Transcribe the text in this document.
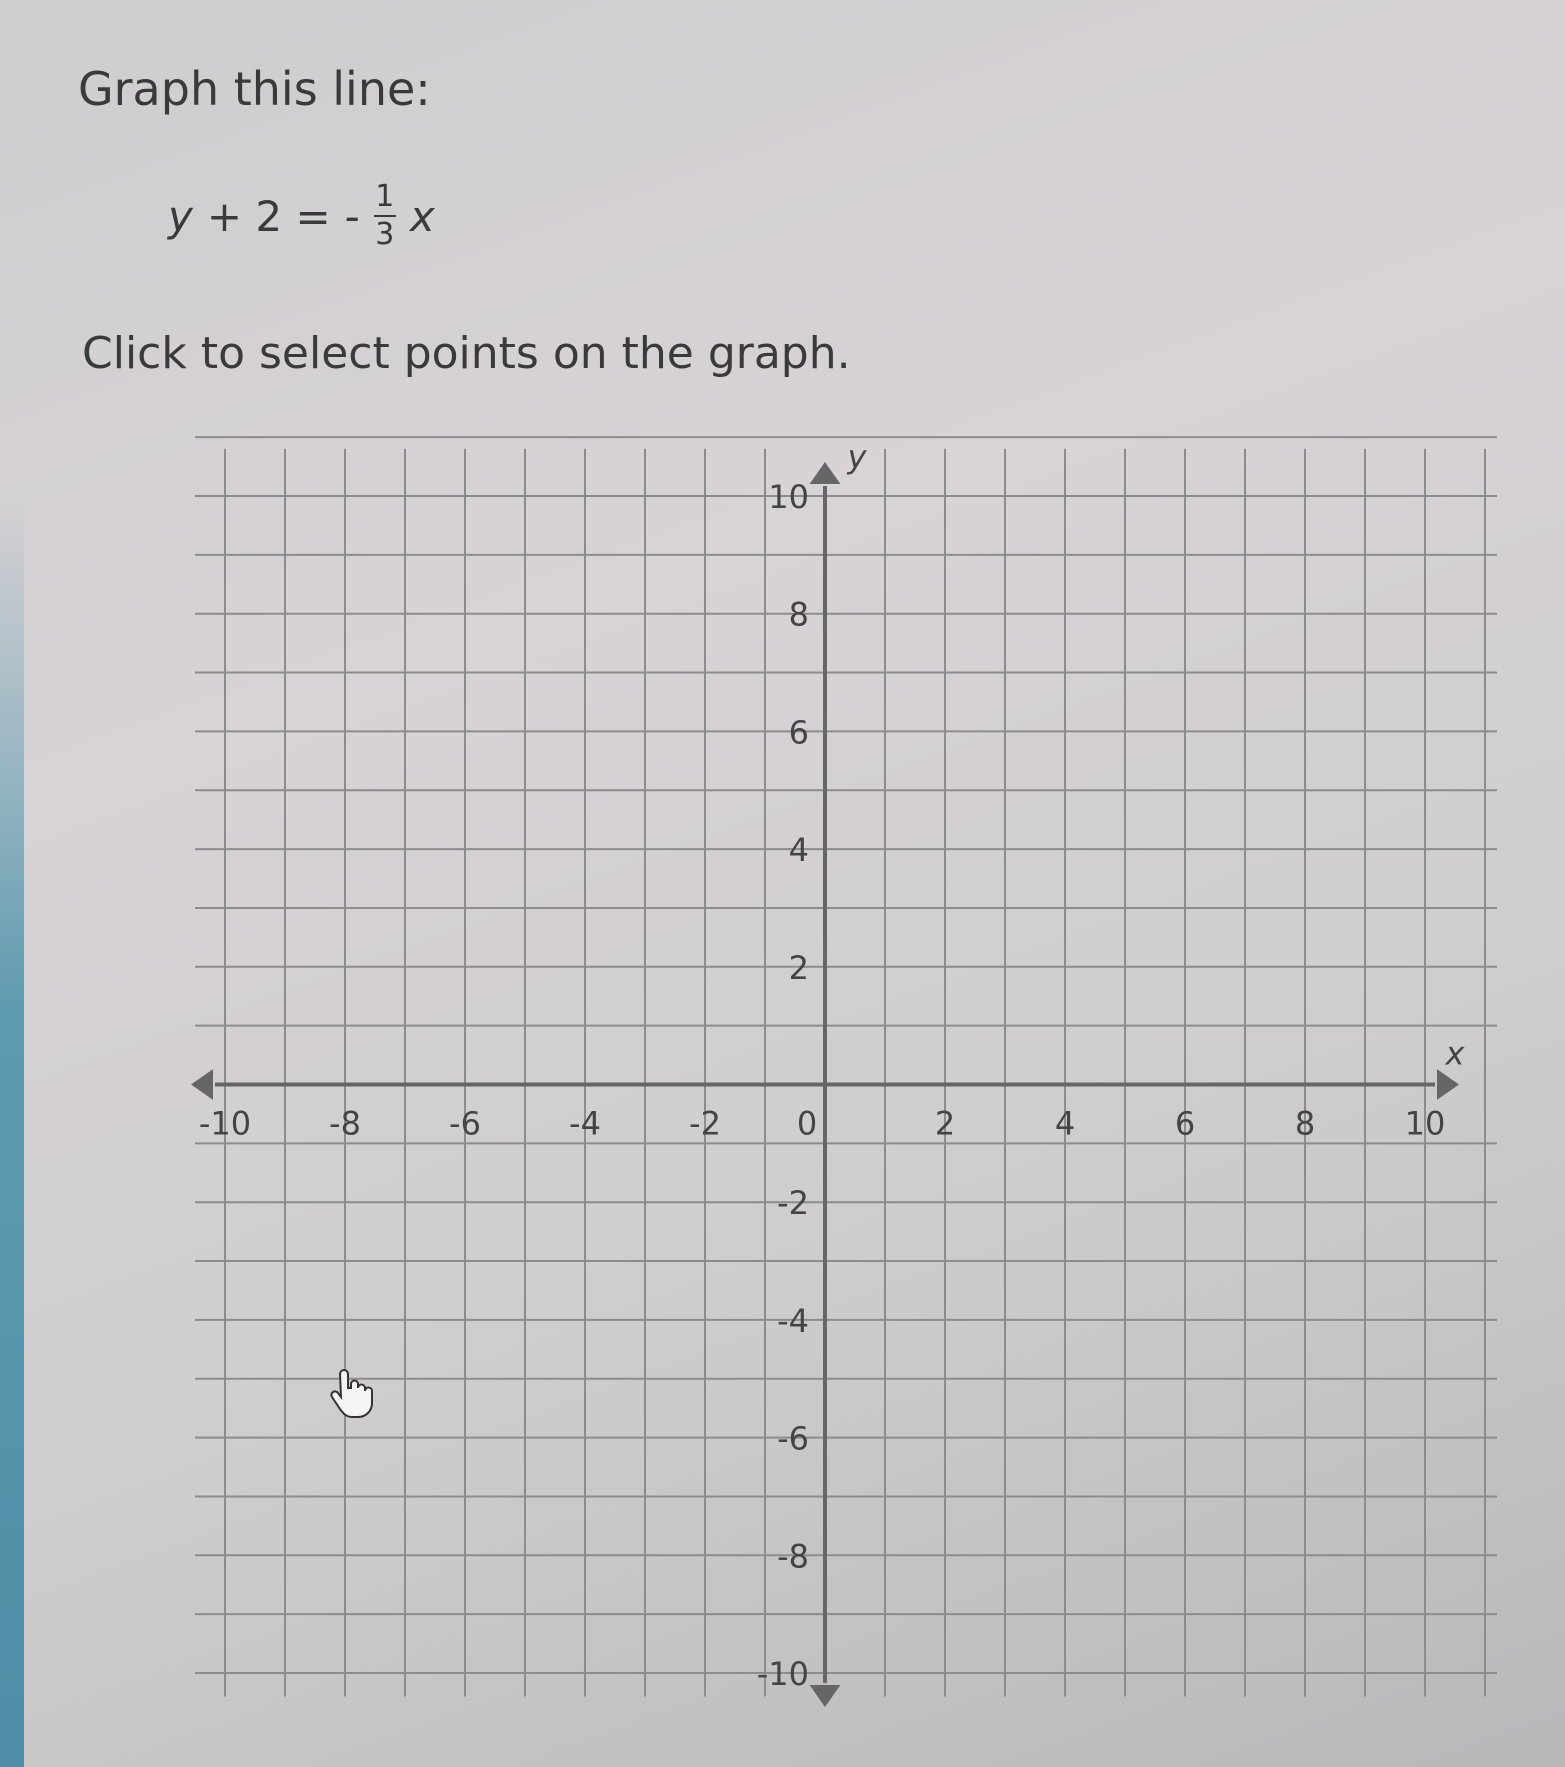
Graph this line:
y + 2 = - $\frac{1}{3}$ x
Click to select points on the graph.
-10 -8	-6	-4	-2 0	2	4	6	8	10
10
8
6
4
2
-2
-4
-6
-8
-10
x
y
